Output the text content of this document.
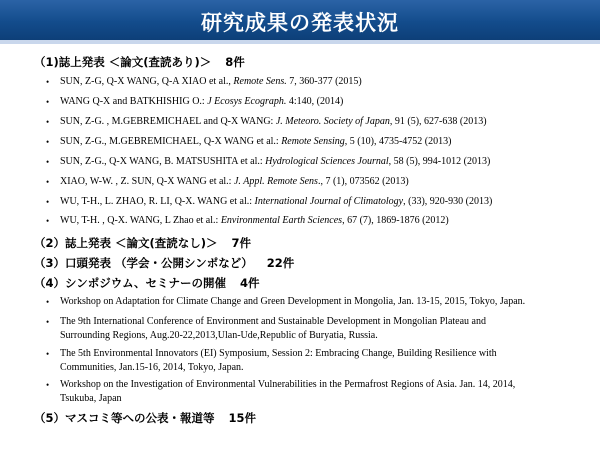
研究成果の発表状況
（1)誌上発表 ＜論文(査読あり)＞ 8件
•	SUN, Z-G, Q-X WANG, Q-A XIAO et al., Remote Sens. 7, 360-377 (2015)
•	WANG Q-X and BATKHISHIG O.: J Ecosys Ecograph. 4:140, (2014)
•	SUN, Z-G. , M.GEBREMICHAEL and Q-X WANG: J. Meteoro. Society of Japan, 91 (5), 627-638 (2013)
•	SUN, Z-G., M.GEBREMICHAEL, Q-X WANG et al.: Remote Sensing, 5 (10), 4735-4752 (2013)
•	SUN, Z-G., Q-X WANG, B. MATSUSHITA et al.: Hydrological Sciences Journal, 58 (5), 994-1012 (2013)
•	XIAO, W-W. , Z. SUN, Q-X WANG et al.: J. Appl. Remote Sens., 7 (1), 073562 (2013)
•	WU, T-H., L. ZHAO, R. LI, Q-X. WANG et al.: International Journal of Climatology, (33), 920-930 (2013)
•	WU, T-H. , Q-X. WANG, L Zhao et al.: Environmental Earth Sciences, 67 (7), 1869-1876 (2012)
（2）誌上発表 ＜論文(査読なし)＞ 7件
（3）口頭発表 （学会・公開シンポなど） 22件
（4）シンポジウム、セミナーの開催 4件
•	Workshop on Adaptation for Climate Change and Green Development in Mongolia, Jan. 13-15, 2015, Tokyo, Japan.
•	The 9th International Conference of Environment and Sustainable Development in Mongolian Plateau and
Surrounding Regions, Aug.20-22,2013,Ulan-Ude,Republic of Buryatia, Russia.
•	The 5th Environmental Innovators (EI) Symposium, Session 2: Embracing Change, Building Resilience with
Communities, Jan.15-16, 2014, Tokyo, Japan.
•	Workshop on the Investigation of Environmental Vulnerabilities in the Permafrost Regions of Asia. Jan. 14, 2014,
Tsukuba, Japan
（5）マスコミ等への公表・報道等 15件
